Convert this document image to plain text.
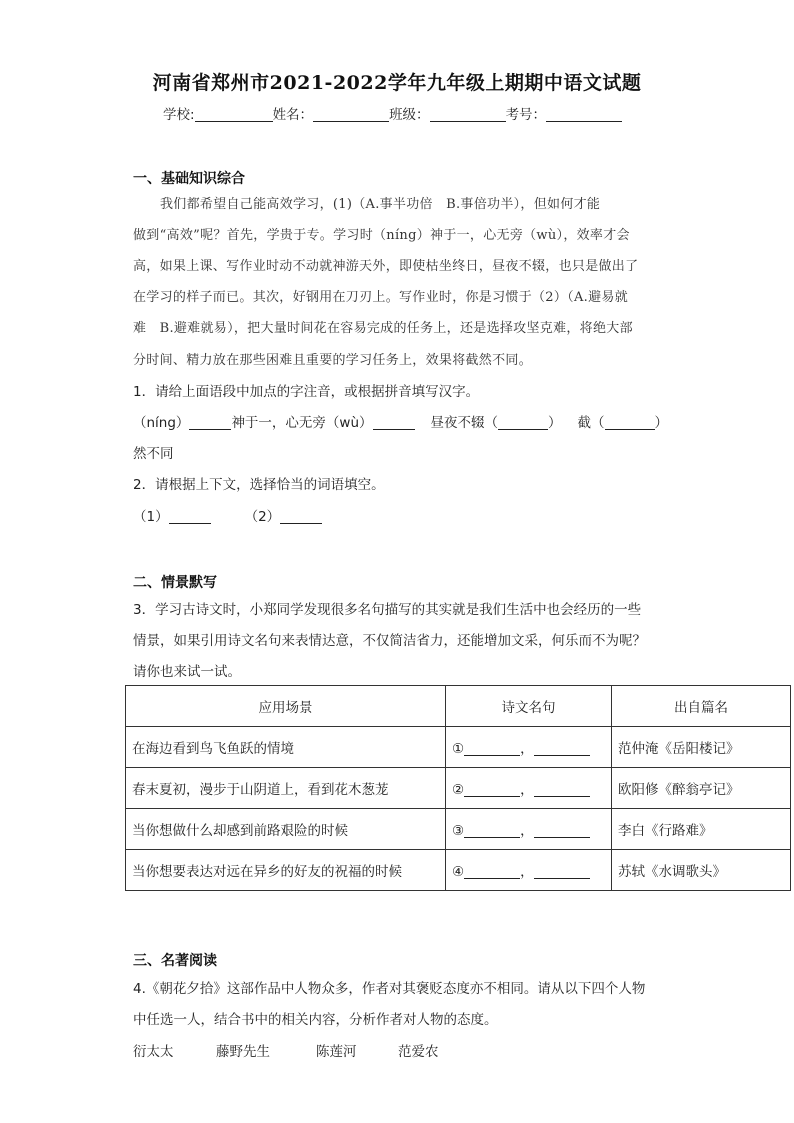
河南省郑州市2021-2022学年九年级上期期中语文试题
学校:	姓名：	班级：	考号：
一、基础知识综合
我们都希望自己能高效学习，(1)（A.事半功倍　B.事倍功半），但如何才能
做到“高效”呢？首先，学贵于专。学习时（níng）神于一，心无旁（wù），效率才会
高，如果上课、写作业时动不动就神游天外，即使枯坐终日，昼夜不辍，也只是做出了
在学习的样子而已。其次，好钢用在刀刃上。写作业时，你是习惯于（2）（A.避易就
难　B.避难就易），把大量时间花在容易完成的任务上，还是选择攻坚克难，将绝大部
分时间、精力放在那些困难且重要的学习任务上，效果将截然不同。
1．请给上面语段中加点的字注音，或根据拼音填写汉字。
（níng）	神于一，心无旁（wù）	昼夜不辍（	） 截（	）
然不同
2．请根据上下文，选择恰当的词语填空。
（1）	（2）
二、情景默写
3．学习古诗文时，小郑同学发现很多名句描写的其实就是我们生活中也会经历的一些
情景，如果引用诗文名句来表情达意，不仅简洁省力，还能增加文采，何乐而不为呢？
请你也来试一试。
应用场景	诗文名句	出自篇名
在海边看到鸟飞鱼跃的情境	① ，	范仲淹《岳阳楼记》
春末夏初，漫步于山阴道上，看到花木葱茏	② ，	欧阳修《醉翁亭记》
当你想做什么却感到前路艰险的时候	③ ，	李白《行路难》
当你想要表达对远在异乡的好友的祝福的时候	④ ，	苏轼《水调歌头》
三、名著阅读
4.《朝花夕拾》这部作品中人物众多，作者对其褒贬态度亦不相同。请从以下四个人物
中任选一人，结合书中的相关内容，分析作者对人物的态度。
衍太太	藤野先生	陈莲河	范爱农
